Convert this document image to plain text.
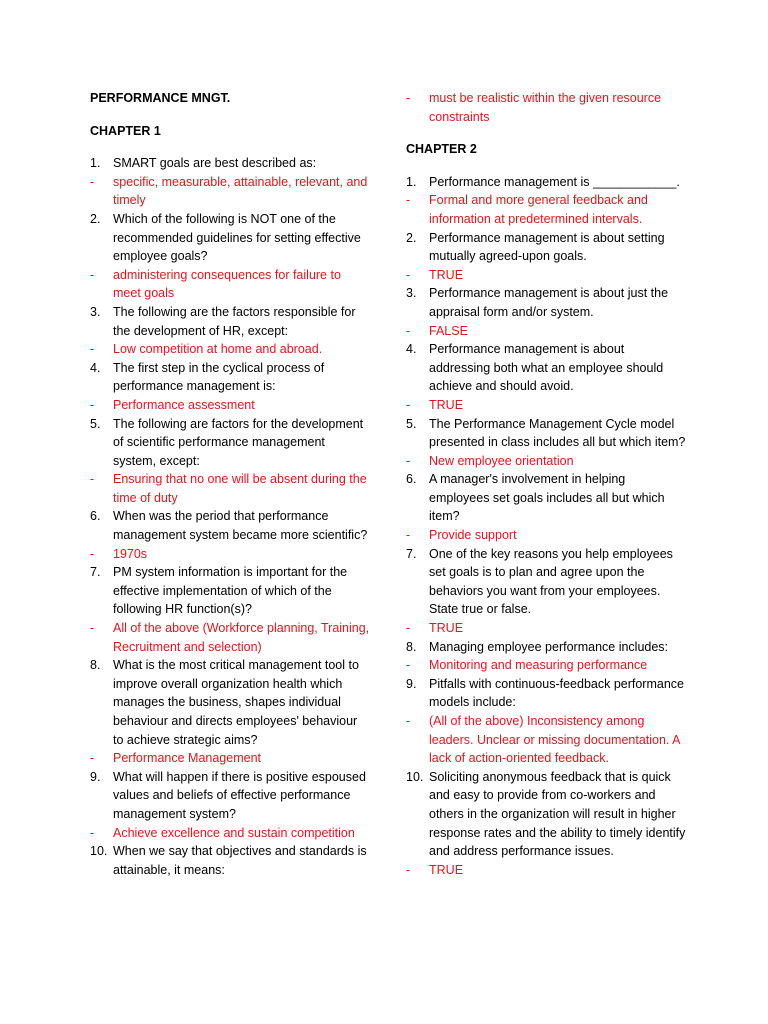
PERFORMANCE MNGT.
CHAPTER 1
1.	SMART goals are best described as:
-	specific, measurable, attainable, relevant, and timely
2.	Which of the following is NOT one of the recommended guidelines for setting effective employee goals?
-	administering consequences for failure to meet goals
3.	The following are the factors responsible for the development of HR, except:
-	Low competition at home and abroad.
4.	The first step in the cyclical process of performance management is:
-	Performance assessment
5.	The following are factors for the development of scientific performance management system, except:
-	Ensuring that no one will be absent during the time of duty
6.	When was the period that performance management system became more scientific?
-	1970s
7.	PM system information is important for the effective implementation of which of the following HR function(s)?
-	All of the above (Workforce planning, Training, Recruitment and selection)
8.	What is the most critical management tool to improve overall organization health which manages the business, shapes individual behaviour and directs employees' behaviour to achieve strategic aims?
-	Performance Management
9.	What will happen if there is positive espoused values and beliefs of effective performance management system?
-	Achieve excellence and sustain competition
10. When we say that objectives and standards is attainable, it means:
-	must be realistic within the given resource constraints
CHAPTER 2
1.	Performance management is ____________.
-	Formal and more general feedback and information at predetermined intervals.
2.	Performance management is about setting mutually agreed-upon goals.
-	TRUE
3.	Performance management is about just the appraisal form and/or system.
-	FALSE
4.	Performance management is about addressing both what an employee should achieve and should avoid.
-	TRUE
5.	The Performance Management Cycle model presented in class includes all but which item?
-	New employee orientation
6.	A manager's involvement in helping employees set goals includes all but which item?
-	Provide support
7.	One of the key reasons you help employees set goals is to plan and agree upon the behaviors you want from your employees. State true or false.
-	TRUE
8.	Managing employee performance includes:
-	Monitoring and measuring performance
9.	Pitfalls with continuous-feedback performance models include:
-	(All of the above) Inconsistency among leaders. Unclear or missing documentation. A lack of action-oriented feedback.
10. Soliciting anonymous feedback that is quick and easy to provide from co-workers and others in the organization will result in higher response rates and the ability to timely identify and address performance issues.
-	TRUE
